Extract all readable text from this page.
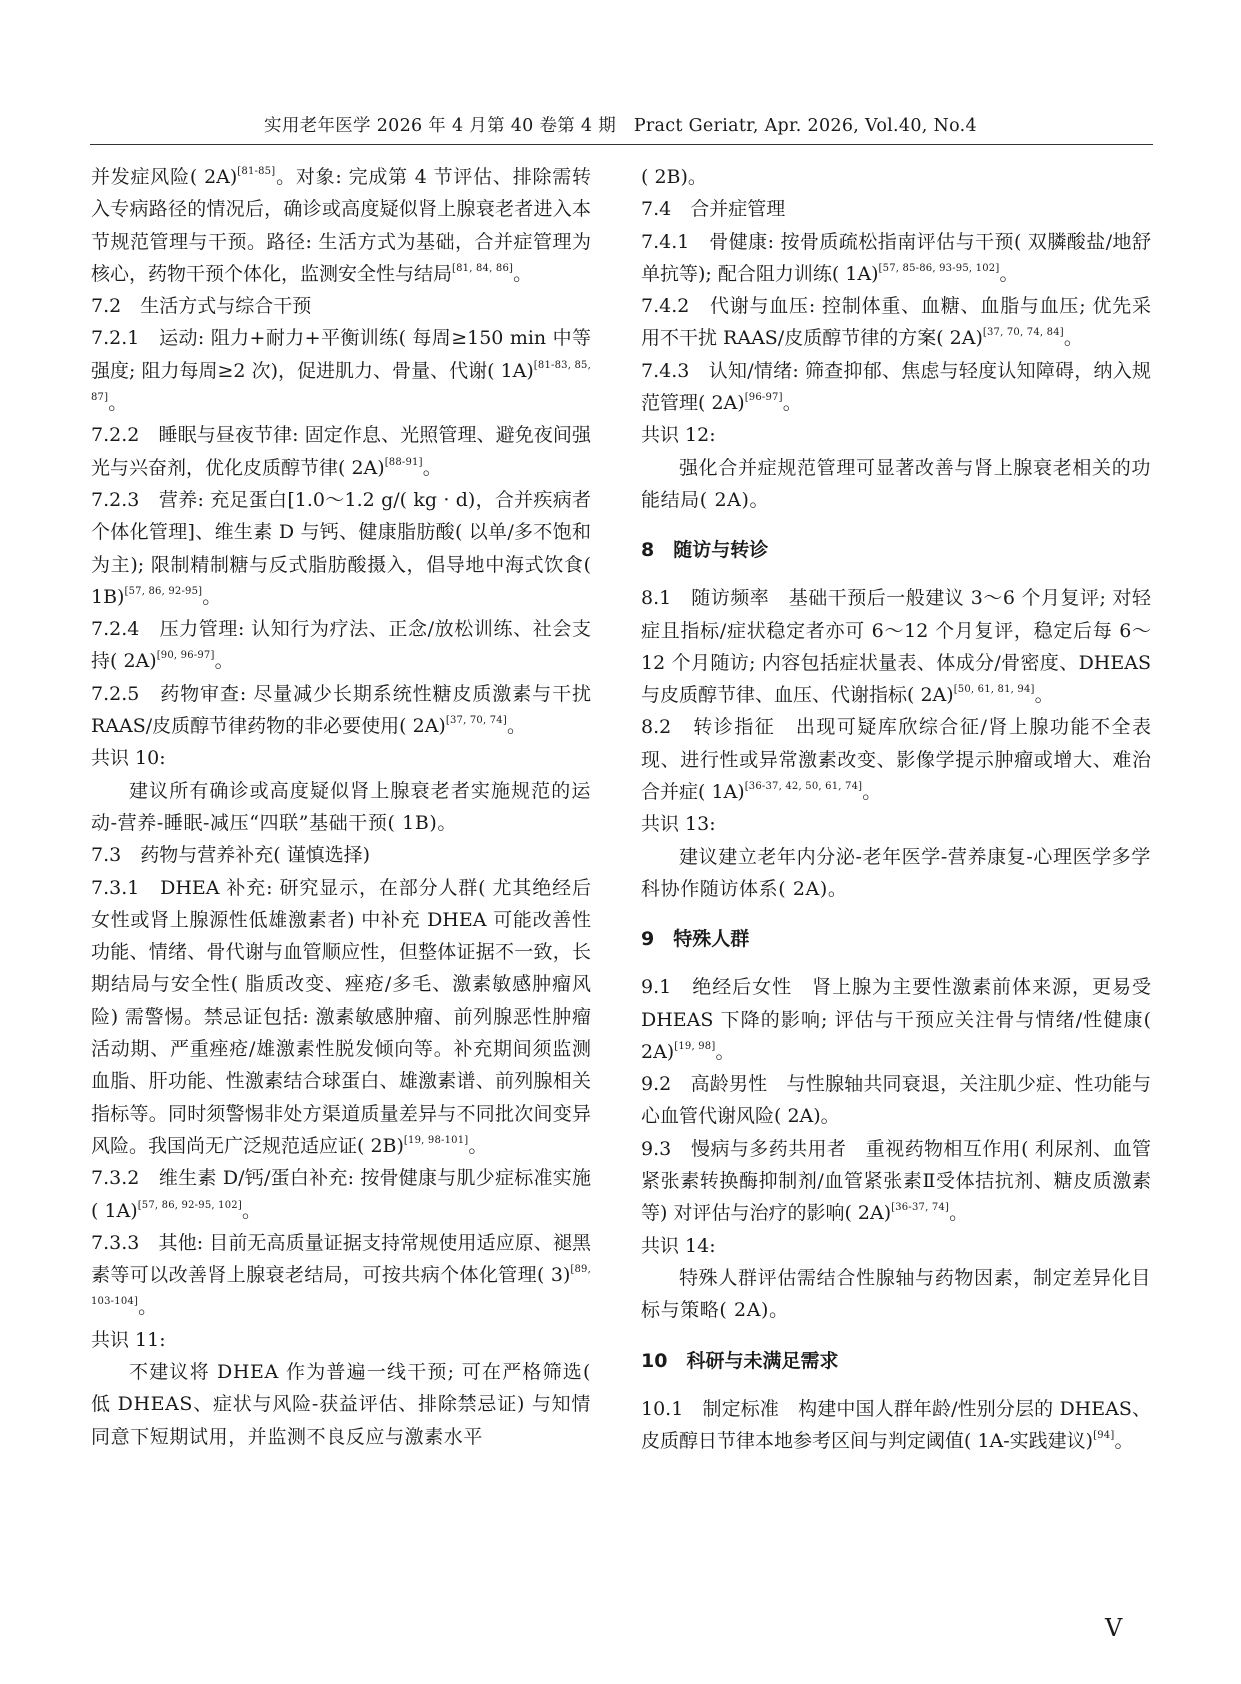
实用老年医学 2026 年 4 月第 40 卷第 4 期　Pract Geriatr, Apr. 2026, Vol.40, No.4
并发症风险( 2A)[81-85]。对象: 完成第 4 节评估、排除需转入专病路径的情况后，确诊或高度疑似肾上腺衰老者进入本节规范管理与干预。路径: 生活方式为基础，合并症管理为核心，药物干预个体化，监测安全性与结局[81, 84, 86]。
7.2　生活方式与综合干预
7.2.1　运动: 阻力+耐力+平衡训练( 每周≥150 min 中等强度; 阻力每周≥2 次)，促进肌力、骨量、代谢( 1A)[81-83, 85, 87]。
7.2.2　睡眠与昼夜节律: 固定作息、光照管理、避免夜间强光与兴奋剂，优化皮质醇节律( 2A)[88-91]。
7.2.3　营养: 充足蛋白[1.0～1.2 g/( kg · d)，合并疾病者个体化管理]、维生素 D 与钙、健康脂肪酸( 以单/多不饱和为主); 限制精制糖与反式脂肪酸摄入，倡导地中海式饮食( 1B)[57, 86, 92-95]。
7.2.4　压力管理: 认知行为疗法、正念/放松训练、社会支持( 2A)[90, 96-97]。
7.2.5　药物审查: 尽量减少长期系统性糖皮质激素与干扰 RAAS/皮质醇节律药物的非必要使用( 2A)[37, 70, 74]。
共识 10:
建议所有确诊或高度疑似肾上腺衰老者实施规范的运动-营养-睡眠-减压“四联”基础干预( 1B)。
7.3　药物与营养补充( 谨慎选择)
7.3.1　DHEA 补充: 研究显示，在部分人群( 尤其绝经后女性或肾上腺源性低雄激素者) 中补充 DHEA 可能改善性功能、情绪、骨代谢与血管顺应性，但整体证据不一致，长期结局与安全性( 脂质改变、痤疮/多毛、激素敏感肿瘤风险) 需警惕。禁忌证包括: 激素敏感肿瘤、前列腺恶性肿瘤活动期、严重痤疮/雄激素性脱发倾向等。补充期间须监测血脂、肝功能、性激素结合球蛋白、雄激素谱、前列腺相关指标等。同时须警惕非处方渠道质量差异与不同批次间变异风险。我国尚无广泛规范适应证( 2B)[19, 98-101]。
7.3.2　维生素 D/钙/蛋白补充: 按骨健康与肌少症标准实施( 1A)[57, 86, 92-95, 102]。
7.3.3　其他: 目前无高质量证据支持常规使用适应原、褪黑素等可以改善肾上腺衰老结局，可按共病个体化管理( 3)[89, 103-104]。
共识 11:
不建议将 DHEA 作为普遍一线干预; 可在严格筛选( 低 DHEAS、症状与风险-获益评估、排除禁忌证) 与知情同意下短期试用，并监测不良反应与激素水平
( 2B)。
7.4　合并症管理
7.4.1　骨健康: 按骨质疏松指南评估与干预( 双膦酸盐/地舒单抗等); 配合阻力训练( 1A)[57, 85-86, 93-95, 102]。
7.4.2　代谢与血压: 控制体重、血糖、血脂与血压; 优先采用不干扰 RAAS/皮质醇节律的方案( 2A)[37, 70, 74, 84]。
7.4.3　认知/情绪: 筛查抑郁、焦虑与轻度认知障碍，纳入规范管理( 2A)[96-97]。
共识 12:
强化合并症规范管理可显著改善与肾上腺衰老相关的功能结局( 2A)。
8　随访与转诊
8.1　随访频率　基础干预后一般建议 3～6 个月复评; 对轻症且指标/症状稳定者亦可 6～12 个月复评，稳定后每 6～12 个月随访; 内容包括症状量表、体成分/骨密度、DHEAS 与皮质醇节律、血压、代谢指标( 2A)[50, 61, 81, 94]。
8.2　转诊指征　出现可疑库欣综合征/肾上腺功能不全表现、进行性或异常激素改变、影像学提示肿瘤或增大、难治合并症( 1A)[36-37, 42, 50, 61, 74]。
共识 13:
建议建立老年内分泌-老年医学-营养康复-心理医学多学科协作随访体系( 2A)。
9　特殊人群
9.1　绝经后女性　肾上腺为主要性激素前体来源，更易受 DHEAS 下降的影响; 评估与干预应关注骨与情绪/性健康( 2A)[19, 98]。
9.2　高龄男性　与性腺轴共同衰退，关注肌少症、性功能与心血管代谢风险( 2A)。
9.3　慢病与多药共用者　重视药物相互作用( 利尿剂、血管紧张素转换酶抑制剂/血管紧张素Ⅱ受体拮抗剂、糖皮质激素等) 对评估与治疗的影响( 2A)[36-37, 74]。
共识 14:
特殊人群评估需结合性腺轴与药物因素，制定差异化目标与策略( 2A)。
10　科研与未满足需求
10.1　制定标准　构建中国人群年龄/性别分层的 DHEAS、皮质醇日节律本地参考区间与判定阈值( 1A-实践建议)[94]。
V
